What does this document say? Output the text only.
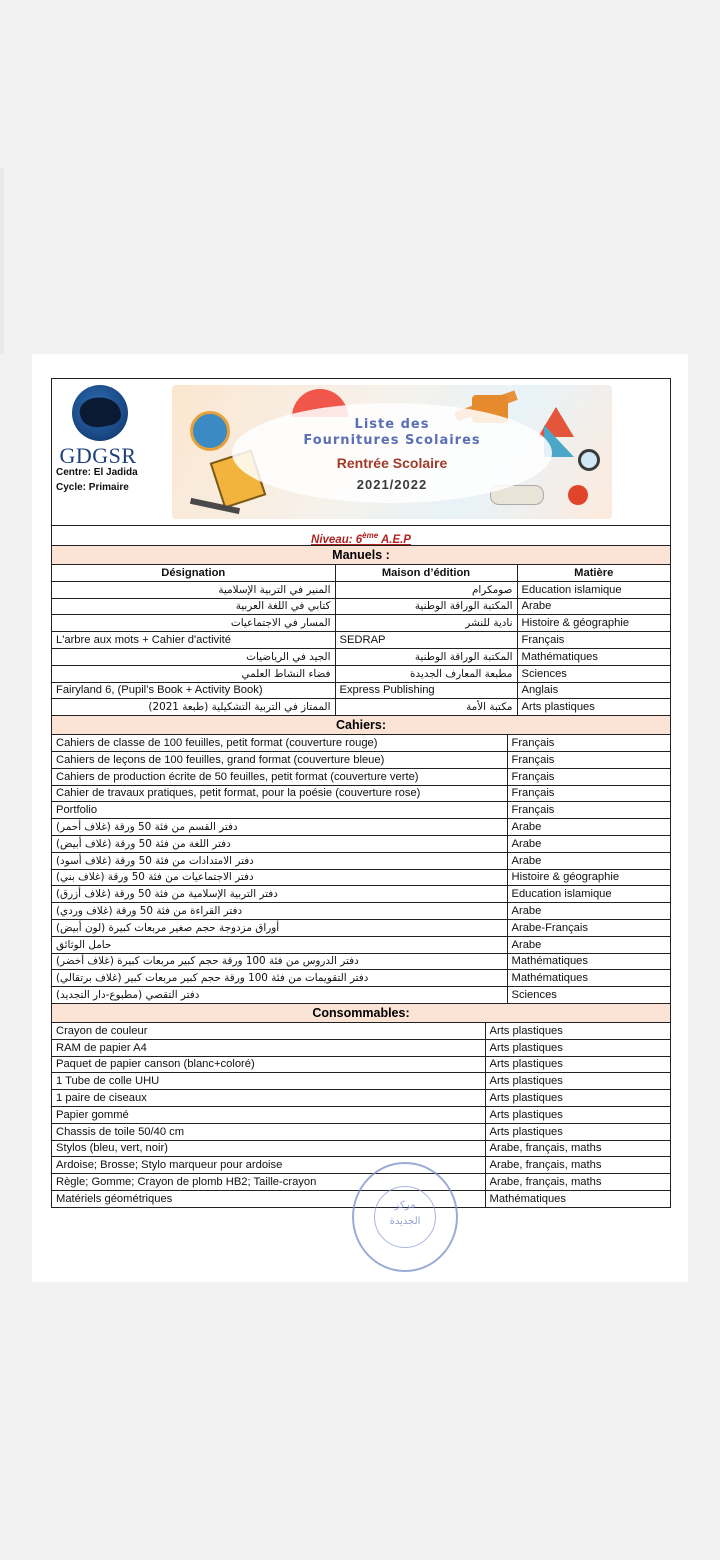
GDGSR
Centre: El Jadida
Cycle: Primaire
Liste des
Fournitures Scolaires
Rentrée Scolaire
2021/2022
Niveau: 6ème A.E.P
Manuels :
Désignation	Maison d’édition	Matière
المنير في التربية الإسلامية	صومكرام	Education islamique
كتابي في اللغة العربية	المكتبة الوراقة الوطنية	Arabe
المسار في الاجتماعيات	نادية للنشر	Histoire & géographie
L'arbre aux mots + Cahier d'activité	SEDRAP	Français
الجيد في الرياضيات	المكتبة الوراقة الوطنية	Mathématiques
فضاء النشاط العلمي	مطبعة المعارف الجديدة	Sciences
Fairyland 6, (Pupil’s Book + Activity Book)	Express Publishing	Anglais
الممتاز في التربية التشكيلية (طبعة 2021)	مكتبة الأمة	Arts plastiques
Cahiers:
Cahiers de classe de 100 feuilles, petit format (couverture rouge)	Français
Cahiers de leçons de 100 feuilles, grand format (couverture bleue)	Français
Cahiers de production écrite de 50 feuilles, petit format (couverture verte)	Français
Cahier de travaux pratiques, petit format, pour la poésie (couverture rose)	Français
Portfolio	Français
دفتر القسم من فئة 50 ورقة (غلاف أحمر)	Arabe
دفتر اللغة من فئة 50 ورقة (غلاف أبيض)	Arabe
دفتر الامتدادات من فئة 50 ورقة (غلاف أسود)	Arabe
دفتر الاجتماعيات من فئة 50 ورقة (غلاف بني)	Histoire & géographie
دفتر التربية الإسلامية من فئة 50 ورقة (غلاف أزرق)	Education islamique
دفتر القراءة من فئة 50 ورقة (غلاف وردي)	Arabe
أوراق مزدوجة حجم صغير مربعات كبيرة (لون أبيض)	Arabe-Français
حامل الوثائق	Arabe
دفتر الدروس من فئة 100 ورقة حجم كبير مربعات كبيرة (غلاف أخضر)	Mathématiques
دفتر التقويمات من فئة 100 ورقة حجم كبير مربعات كبير (غلاف برتقالي)	Mathématiques
دفتر التقصي (مطبوع-دار التجديد)	Sciences
Consommables:
Crayon de couleur	Arts plastiques
RAM de papier A4	Arts plastiques
Paquet de papier canson (blanc+coloré)	Arts plastiques
1 Tube de colle UHU	Arts plastiques
1 paire de ciseaux	Arts plastiques
Papier gommé	Arts plastiques
Chassis de toile 50/40 cm	Arts plastiques
Stylos (bleu, vert, noir)	Arabe, français, maths
Ardoise; Brosse; Stylo marqueur pour ardoise	Arabe, français, maths
Règle; Gomme; Crayon de plomb HB2; Taille-crayon	Arabe, français, maths
Matériels géométriques	Mathématiques
مركز
الجديدة
